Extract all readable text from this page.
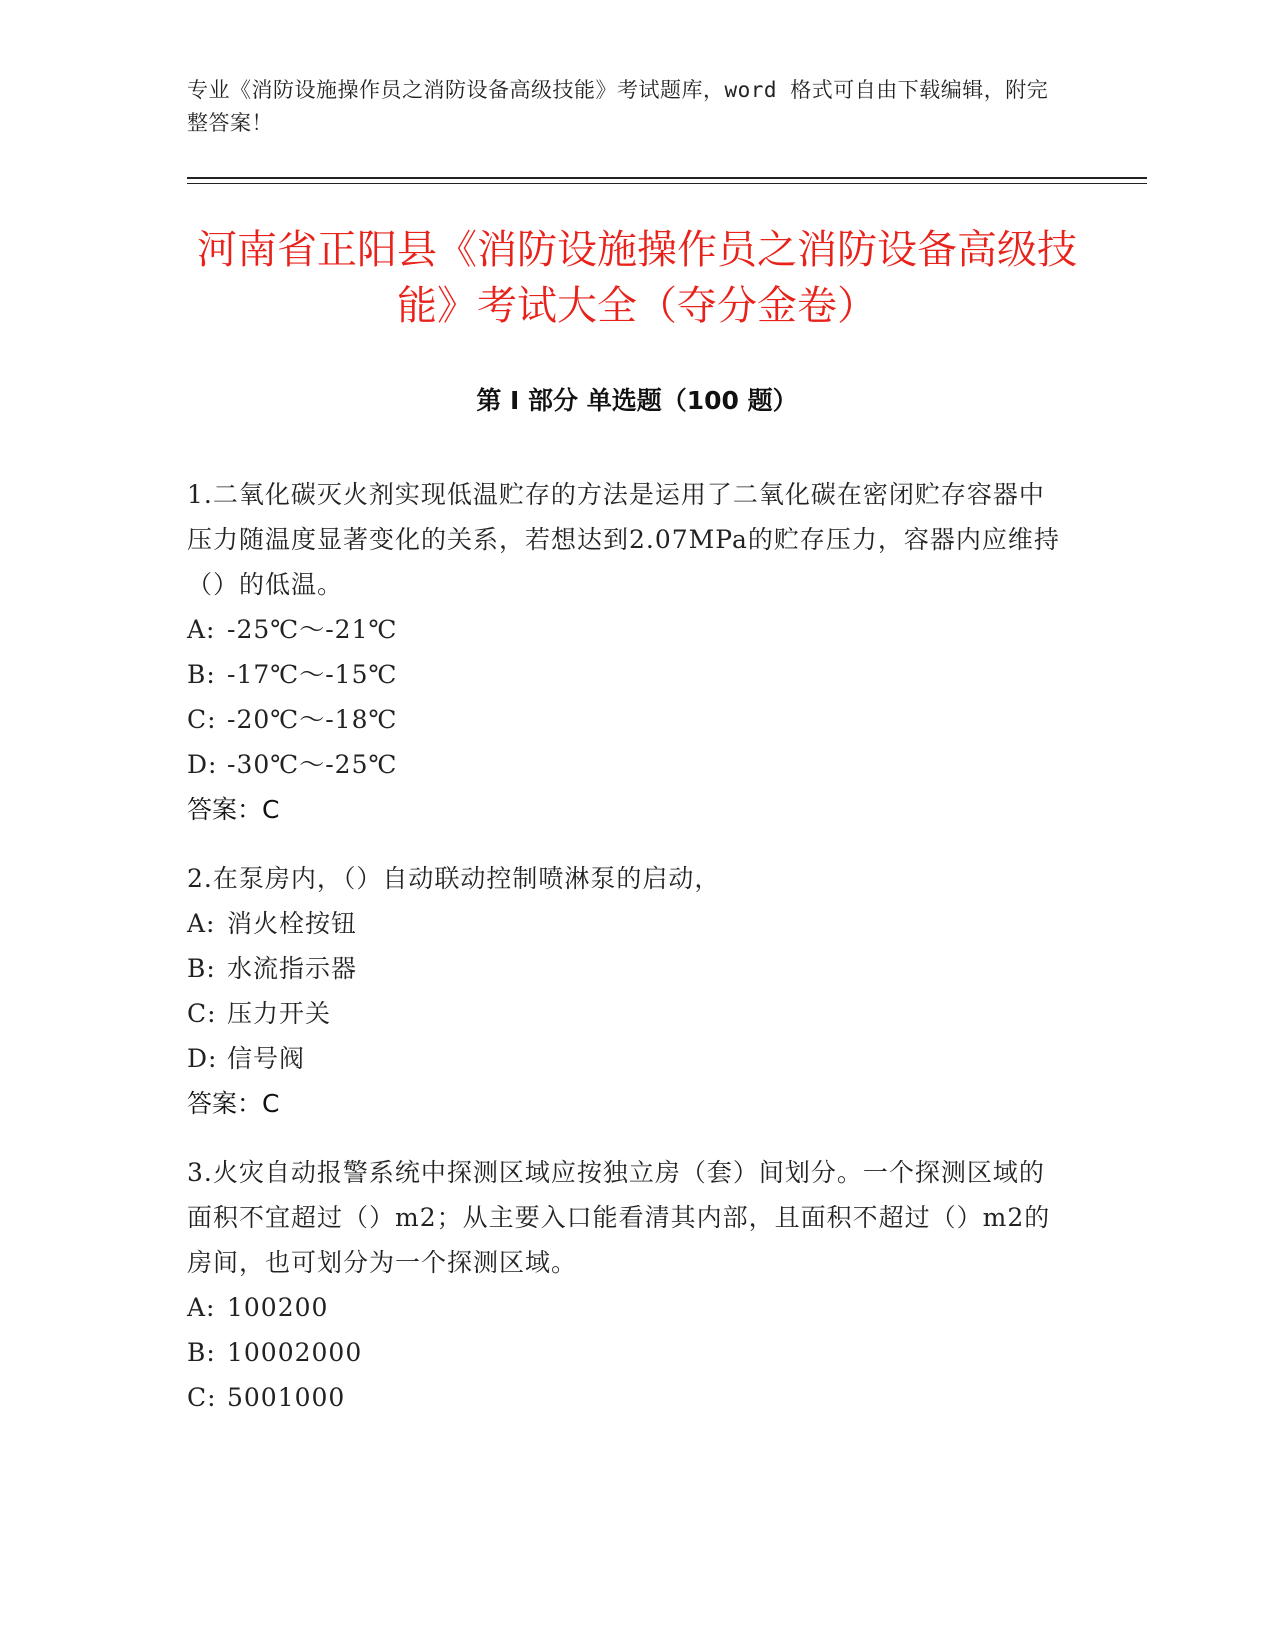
专业《消防设施操作员之消防设备高级技能》考试题库，word 格式可自由下载编辑，附完整答案！
河南省正阳县《消防设施操作员之消防设备高级技能》考试大全（夺分金卷）
第 I 部分 单选题（100 题）

1.二氧化碳灭火剂实现低温贮存的方法是运用了二氧化碳在密闭贮存容器中压力随温度显著变化的关系，若想达到2.07MPa的贮存压力，容器内应维持（）的低温。

A: -25℃～-21℃

B: -17℃～-15℃

C: -20℃～-18℃

D: -30℃～-25℃

答案：C

2.在泵房内，（）自动联动控制喷淋泵的启动，

A: 消火栓按钮

B: 水流指示器

C: 压力开关

D: 信号阀

答案：C

3.火灾自动报警系统中探测区域应按独立房（套）间划分。一个探测区域的面积不宜超过（）m2；从主要入口能看清其内部，且面积不超过（）m2的房间，也可划分为一个探测区域。

A: 100200

B: 10002000

C: 5001000
